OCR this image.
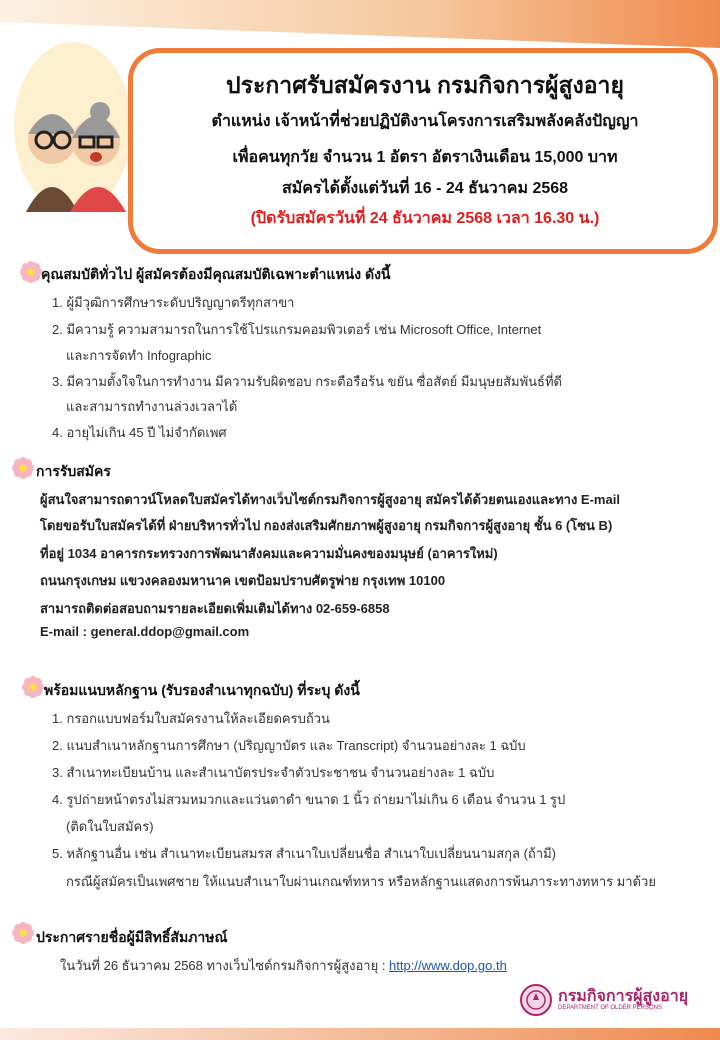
ประกาศรับสมัครงาน กรมกิจการผู้สูงอายุ
ตำแหน่ง เจ้าหน้าที่ช่วยปฏิบัติงานโครงการเสริมพลังคลังปัญญา
เพื่อคนทุกวัย จำนวน 1 อัตรา อัตราเงินเดือน 15,000 บาท
สมัครได้ตั้งแต่วันที่ 16 - 24 ธันวาคม 2568
(ปิดรับสมัครวันที่ 24 ธันวาคม 2568 เวลา 16.30 น.)
คุณสมบัติทั่วไป ผู้สมัครต้องมีคุณสมบัติเฉพาะตำแหน่ง ดังนี้
1. ผู้มีวุฒิการศึกษาระดับปริญญาตรีทุกสาขา
2. มีความรู้ ความสามารถในการใช้โปรแกรมคอมพิวเตอร์ เช่น Microsoft Office, Internet
และการจัดทำ Infographic
3. มีความตั้งใจในการทำงาน มีความรับผิดชอบ กระตือรือร้น ขยัน ซื่อสัตย์ มีมนุษยสัมพันธ์ที่ดี
และสามารถทำงานล่วงเวลาได้
4. อายุไม่เกิน 45 ปี ไม่จำกัดเพศ
การรับสมัคร
ผู้สนใจสามารถดาวน์โหลดใบสมัครได้ทางเว็บไซต์กรมกิจการผู้สูงอายุ สมัครได้ด้วยตนเองและทาง E-mail
โดยขอรับใบสมัครได้ที่ ฝ่ายบริหารทั่วไป กองส่งเสริมศักยภาพผู้สูงอายุ กรมกิจการผู้สูงอายุ ชั้น 6 (โซน B)
ที่อยู่ 1034 อาคารกระทรวงการพัฒนาสังคมและความมั่นคงของมนุษย์ (อาคารใหม่)
ถนนกรุงเกษม แขวงคลองมหานาค เขตป้อมปราบศัตรูพ่าย กรุงเทพ 10100
สามารถติดต่อสอบถามรายละเอียดเพิ่มเติมได้ทาง 02-659-6858
E-mail : general.ddop@gmail.com
พร้อมแนบหลักฐาน (รับรองสำเนาทุกฉบับ) ที่ระบุ ดังนี้
1. กรอกแบบฟอร์มใบสมัครงานให้ละเอียดครบถ้วน
2. แนบสำเนาหลักฐานการศึกษา (ปริญญาบัตร และ Transcript) จำนวนอย่างละ 1 ฉบับ
3. สำเนาทะเบียนบ้าน และสำเนาบัตรประจำตัวประชาชน จำนวนอย่างละ 1 ฉบับ
4. รูปถ่ายหน้าตรงไม่สวมหมวกและแว่นตาดำ ขนาด 1 นิ้ว ถ่ายมาไม่เกิน 6 เดือน จำนวน 1 รูป
(ติดในใบสมัคร)
5. หลักฐานอื่น เช่น สำเนาทะเบียนสมรส สำเนาใบเปลี่ยนชื่อ สำเนาใบเปลี่ยนนามสกุล (ถ้ามี)
กรณีผู้สมัครเป็นเพศชาย ให้แนบสำเนาใบผ่านเกณฑ์ทหาร หรือหลักฐานแสดงการพ้นภาระทางทหาร มาด้วย
ประกาศรายชื่อผู้มีสิทธิ์สัมภาษณ์
ในวันที่ 26 ธันวาคม 2568 ทางเว็บไซต์กรมกิจการผู้สูงอายุ : http://www.dop.go.th
กรมกิจการผู้สูงอายุ
DEPARTMENT OF OLDER PERSONS
